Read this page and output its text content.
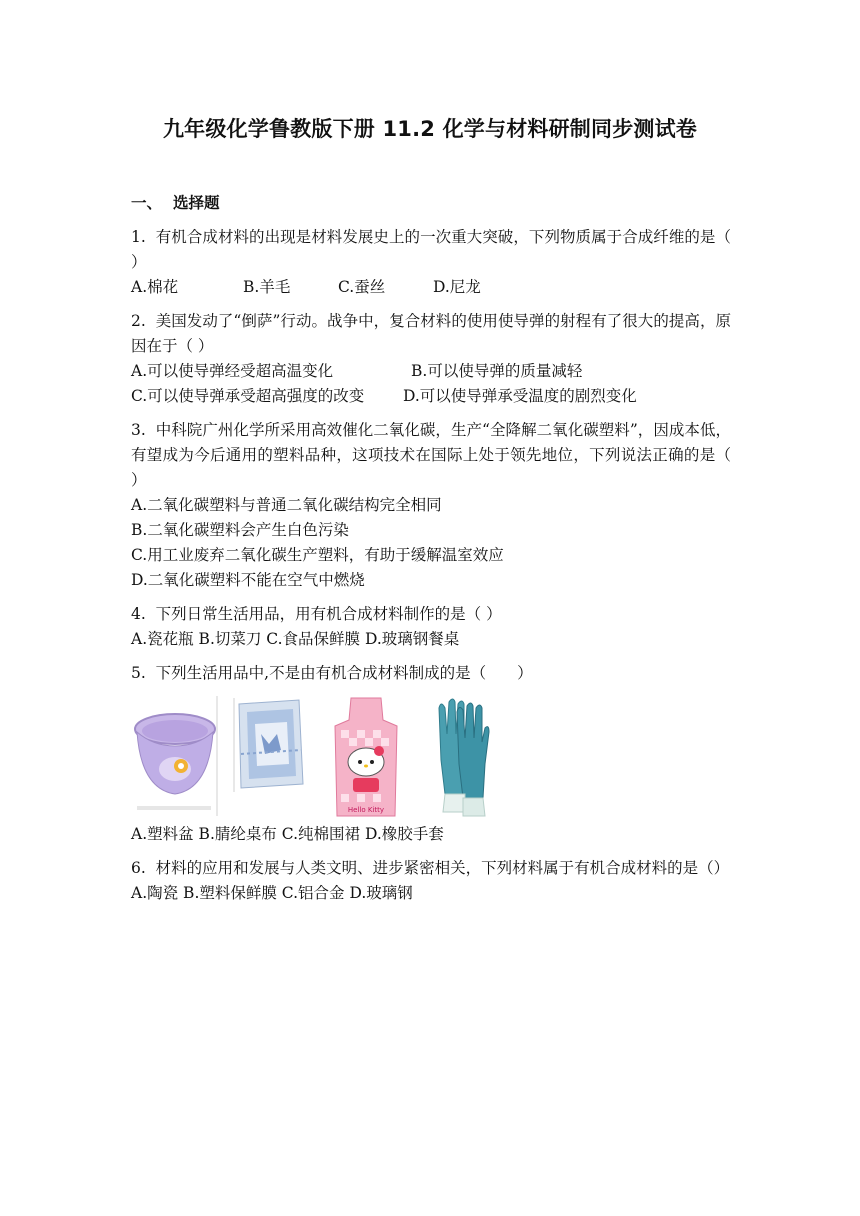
九年级化学鲁教版下册 11.2 化学与材料研制同步测试卷
一、 选择题
1. 有机合成材料的出现是材料发展史上的一次重大突破，下列物质属于合成纤维的是（ ）
A.棉花	B.羊毛	C.蚕丝	D.尼龙
2. 美国发动了“倒萨”行动。战争中，复合材料的使用使导弹的射程有了很大的提高，原因在于（ ）
A.可以使导弹经受超高温变化	B.可以使导弹的质量减轻
C.可以使导弹承受超高强度的改变	D.可以使导弹承受温度的剧烈变化
3. 中科院广州化学所采用高效催化二氧化碳，生产“全降解二氧化碳塑料”，因成本低，有望成为今后通用的塑料品种，这项技术在国际上处于领先地位，下列说法正确的是（ ）
A.二氧化碳塑料与普通二氧化碳结构完全相同
B.二氧化碳塑料会产生白色污染
C.用工业废弃二氧化碳生产塑料，有助于缓解温室效应
D.二氧化碳塑料不能在空气中燃烧
4. 下列日常生活用品，用有机合成材料制作的是（ ）
A.瓷花瓶 B.切菜刀 C.食品保鲜膜 D.玻璃钢餐桌
5. 下列生活用品中,不是由有机合成材料制成的是（　　）
Hello Kitty
A.塑料盆 B.腈纶桌布 C.纯棉围裙 D.橡胶手套
6. 材料的应用和发展与人类文明、进步紧密相关，下列材料属于有机合成材料的是（）
A.陶瓷 B.塑料保鲜膜 C.铝合金 D.玻璃钢
